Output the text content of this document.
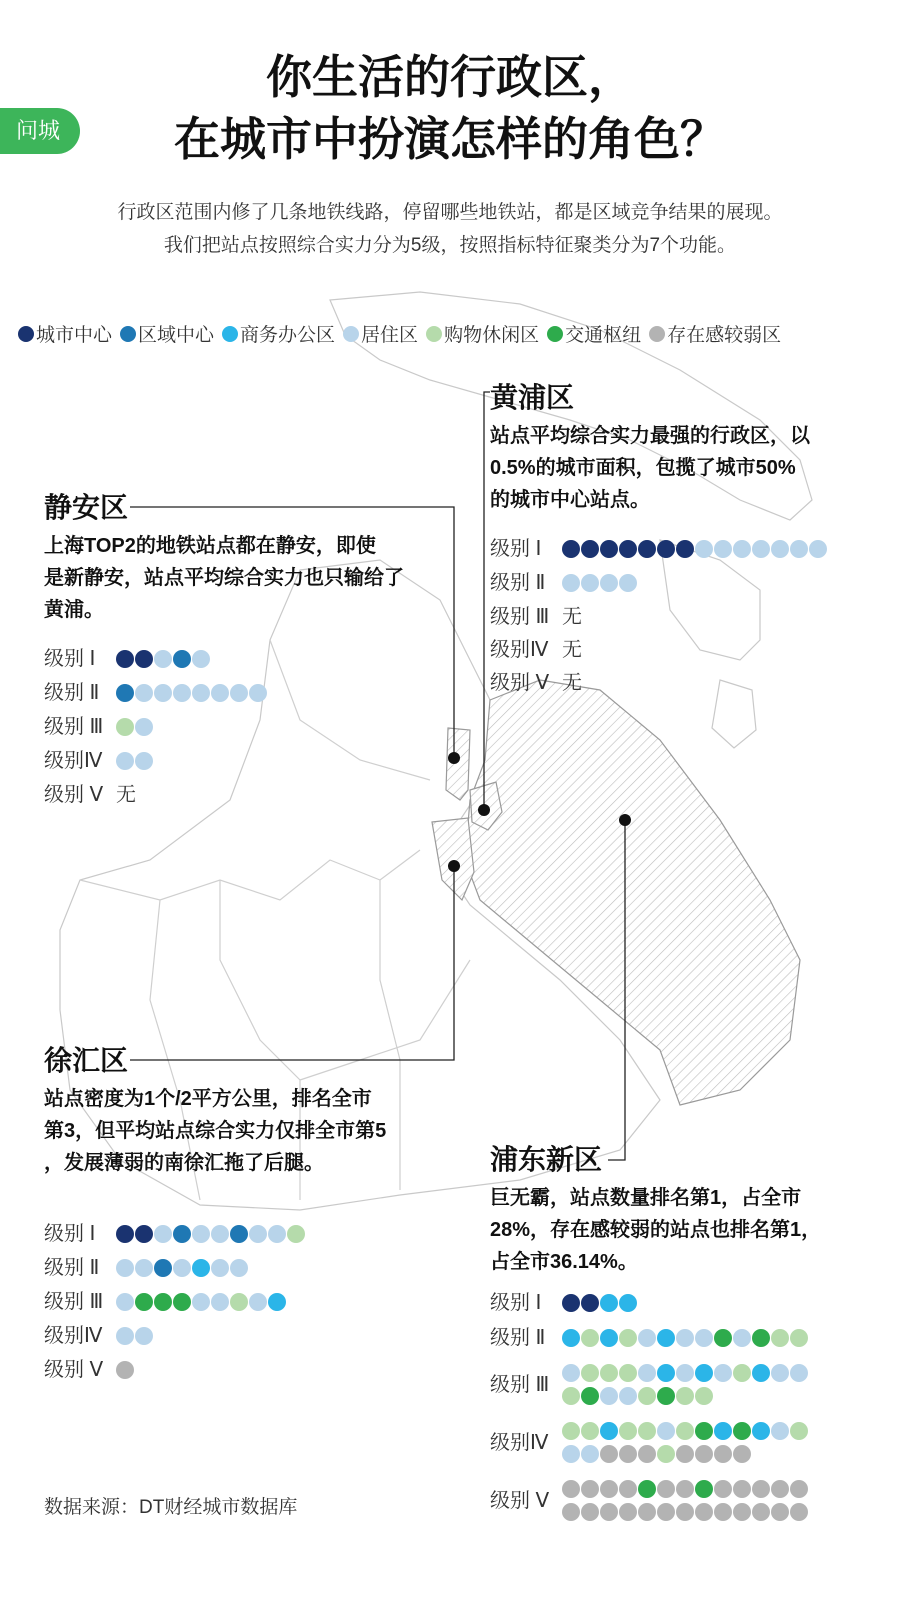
问城
你生活的行政区，
在城市中扮演怎样的角色？
行政区范围内修了几条地铁线路，停留哪些地铁站，都是区域竞争结果的展现。
我们把站点按照综合实力分为5级，按照指标特征聚类分为7个功能。
城市中心 区域中心 商务办公区 居住区 购物休闲区 交通枢纽 存在感较弱区
黄浦区
站点平均综合实力最强的行政区，以
0.5%的城市面积，包揽了城市50%
的城市中心站点。
级别 Ⅰ
级别 Ⅱ
级别 Ⅲ 无
级别Ⅳ 无
级别 Ⅴ 无
静安区
上海TOP2的地铁站点都在静安，即使
是新静安，站点平均综合实力也只输给了
黄浦。
级别 Ⅰ
级别 Ⅱ
级别 Ⅲ
级别Ⅳ
级别 Ⅴ 无
徐汇区
站点密度为1个/2平方公里，排名全市
第3，但平均站点综合实力仅排全市第5
，发展薄弱的南徐汇拖了后腿。
级别 Ⅰ
级别 Ⅱ
级别 Ⅲ
级别Ⅳ
级别 Ⅴ
浦东新区
巨无霸，站点数量排名第1，占全市
28%，存在感较弱的站点也排名第1，
占全市36.14%。
级别 Ⅰ
级别 Ⅱ
级别 Ⅲ
级别Ⅳ
级别 Ⅴ
数据来源：DT财经城市数据库
